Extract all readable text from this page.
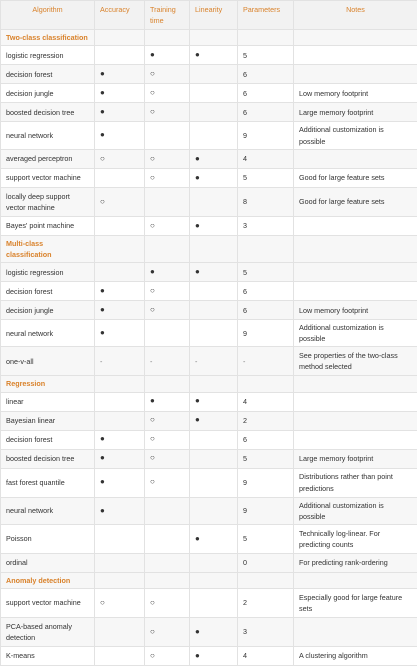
Algorithm	Accuracy	Training time	Linearity	Parameters	Notes
Two-class classification					
logistic regression		●	●	5	
decision forest	●	○		6	
decision jungle	●	○		6	Low memory footprint
boosted decision tree	●	○		6	Large memory footprint
neural network	●			9	Additional customization is possible
averaged perceptron	○	○	●	4	
support vector machine		○	●	5	Good for large feature sets
locally deep support vector machine	○			8	Good for large feature sets
Bayes' point machine		○	●	3	
Multi-class classification					
logistic regression		●	●	5	
decision forest	●	○		6	
decision jungle	●	○		6	Low memory footprint
neural network	●			9	Additional customization is possible
one-v-all	-	-	-	-	See properties of the two-class method selected
Regression					
linear		●	●	4	
Bayesian linear		○	●	2	
decision forest	●	○		6	
boosted decision tree	●	○		5	Large memory footprint
fast forest quantile	●	○		9	Distributions rather than point predictions
neural network	●			9	Additional customization is possible
Poisson			●	5	Technically log-linear. For predicting counts
ordinal				0	For predicting rank-ordering
Anomaly detection					
support vector machine	○	○		2	Especially good for large feature sets
PCA-based anomaly detection		○	●	3	
K-means		○	●	4	A clustering algorithm
